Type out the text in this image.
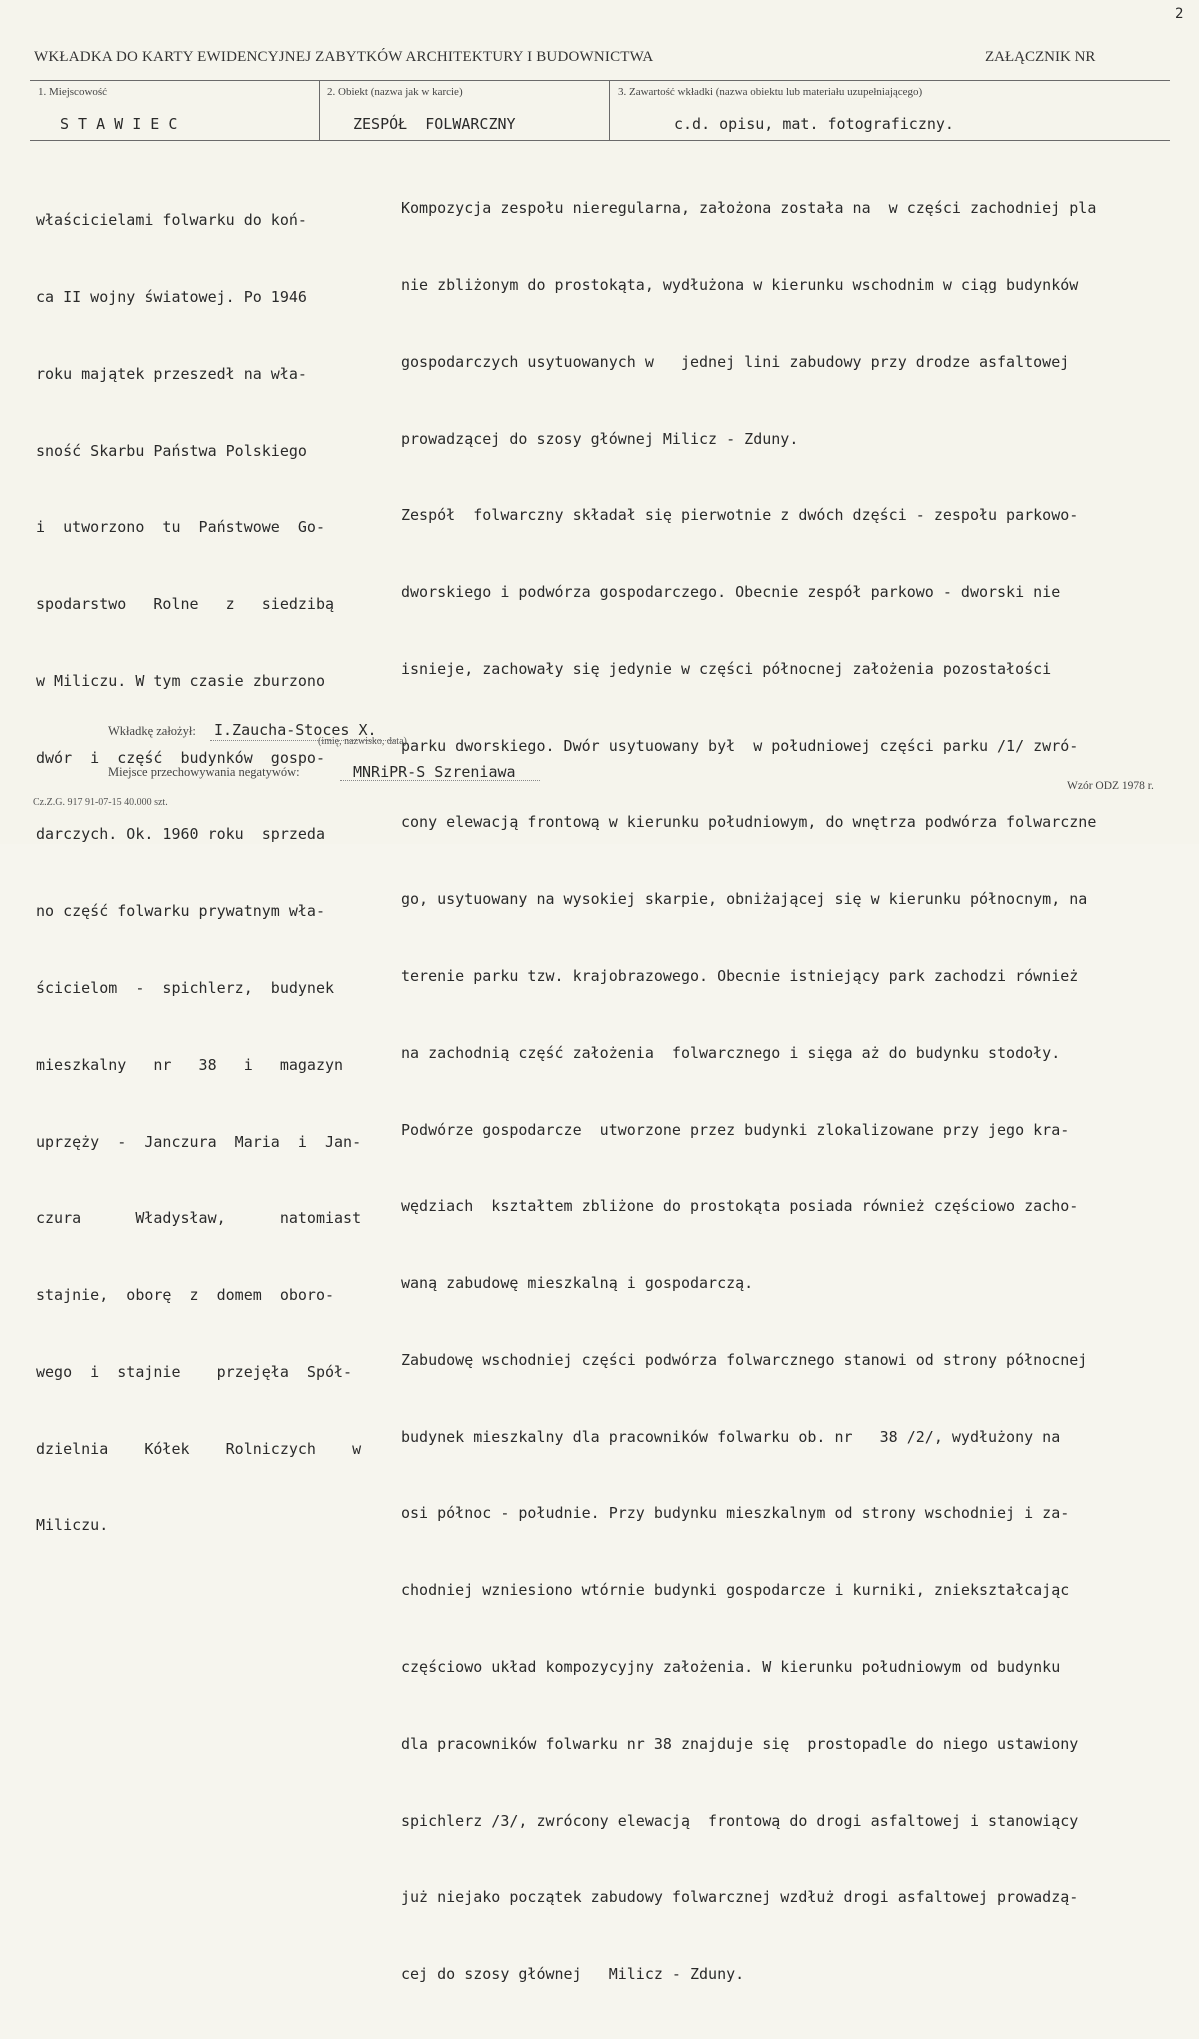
2
WKŁADKA DO KARTY EWIDENCYJNEJ ZABYTKÓW ARCHITEKTURY I BUDOWNICTWA	ZAŁĄCZNIK NR
1. Miejscowość
S T A W I E C
2. Obiekt (nazwa jak w karcie)
ZESPÓŁ  FOLWARCZNY
3. Zawartość wkładki (nazwa obiektu lub materiału uzupełniającego)
c.d. opisu, mat. fotograficzny.

właścicielami folwarku do koń-

ca II wojny światowej. Po 1946

roku majątek przeszedł na wła-

sność Skarbu Państwa Polskiego

i  utworzono  tu  Państwowe  Go-

spodarstwo   Rolne   z   siedzibą

w Miliczu. W tym czasie zburzono

dwór  i  część  budynków  gospo-

darczych. Ok. 1960 roku  sprzeda

no część folwarku prywatnym wła-

ścicielom  -  spichlerz,  budynek

mieszkalny   nr   38   i   magazyn

uprzęży  -  Janczura  Maria  i  Jan-

czura      Władysław,      natomiast

stajnie,  oborę  z  domem  oboro-

wego  i  stajnie    przejęła  Spół-

dzielnia    Kółek    Rolniczych    w

Miliczu.

Kompozycja zespołu nieregularna, założona została na  w części zachodniej pla

nie zbliżonym do prostokąta, wydłużona w kierunku wschodnim w ciąg budynków

gospodarczych usytuowanych w   jednej lini zabudowy przy drodze asfaltowej

prowadzącej do szosy głównej Milicz - Zduny.

Zespół  folwarczny składał się pierwotnie z dwóch dzęści - zespołu parkowo-

dworskiego i podwórza gospodarczego. Obecnie zespół parkowo - dworski nie

isnieje, zachowały się jedynie w części północnej założenia pozostałości

parku dworskiego. Dwór usytuowany był  w południowej części parku /1/ zwró-

cony elewacją frontową w kierunku południowym, do wnętrza podwórza folwarczne

go, usytuowany na wysokiej skarpie, obniżającej się w kierunku północnym, na

terenie parku tzw. krajobrazowego. Obecnie istniejący park zachodzi również

na zachodnią część założenia  folwarcznego i sięga aż do budynku stodoły.

Podwórze gospodarcze  utworzone przez budynki zlokalizowane przy jego kra-

wędziach  kształtem zbliżone do prostokąta posiada również częściowo zacho-

waną zabudowę mieszkalną i gospodarczą.

Zabudowę wschodniej części podwórza folwarcznego stanowi od strony północnej

budynek mieszkalny dla pracowników folwarku ob. nr   38 /2/, wydłużony na

osi północ - południe. Przy budynku mieszkalnym od strony wschodniej i za-

chodniej wzniesiono wtórnie budynki gospodarcze i kurniki, zniekształcając

częściowo układ kompozycyjny założenia. W kierunku południowym od budynku

dla pracowników folwarku nr 38 znajduje się  prostopadle do niego ustawiony

spichlerz /3/, zwrócony elewacją  frontową do drogi asfaltowej i stanowiący

już niejako początek zabudowy folwarcznej wzdłuż drogi asfaltowej prowadzą-

cej do szosy głównej   Milicz - Zduny.

Wkładkę założył: I.Zaucha-Stoces X.
(imię, nazwisko, data)
Miejsce przechowywania negatywów:	MNRiPR-S Szreniawa
Cz.Z.G. 917 91-07-15 40.000 szt.
Wzór ODZ 1978 r.
